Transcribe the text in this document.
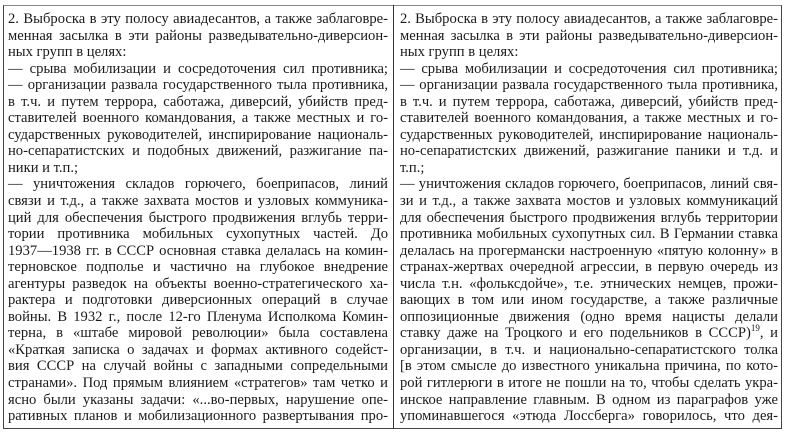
2. Выброска в эту полосу авиадесантов, а также заблаговре-
менная засылка в эти районы разведывательно-диверсион-
ных групп в целях:
— срыва мобилизации и сосредоточения сил противника;
— организации развала государственного тыла противника,
в т.ч. и путем террора, саботажа, диверсий, убийств пред-
ставителей военного командования, а также местных и го-
сударственных руководителей, инспирирование националь-
но-сепаратистских и подобных движений, разжигание па-
ники и т.п.;
— уничтожения складов горючего, боеприпасов, линий
связи и т.д., а также захвата мостов и узловых коммуника-
ций для обеспечения быстрого продвижения вглубь терри-
тории противника мобильных сухопутных частей. До
1937—1938 гг. в СССР основная ставка делалась на комин-
терновское подполье и частично на глубокое внедрение
агентуры разведок на объекты военно-стратегического ха-
рактера и подготовки диверсионных операций в случае
войны. В 1932 г., после 12-го Пленума Исполкома Комин-
терна, в «штабе мировой революции» была составлена
«Краткая записка о задачах и формах активного содейст-
вия СССР на случай войны с западными сопредельными
странами». Под прямым влиянием «стратегов» там четко и
ясно были указаны задачи: «...во-первых, нарушение опе-
ративных планов и мобилизационного развертывания про-
2. Выброска в эту полосу авиадесантов, а также заблаговре-
менная засылка в эти районы разведывательно-диверсион-
ных групп в целях:
— срыва мобилизации и сосредоточения сил противника;
— организации развала государственного тыла противника,
в т.ч. и путем террора, саботажа, диверсий, убийств пред-
ставителей военного командования, а также местных и го-
сударственных руководителей, инспирирование националь-
но-сепаратистских движений, разжигание паники и т.д. и
т.п.;
— уничтожения складов горючего, боеприпасов, линий свя-
зи и т.д., а также захвата мостов и узловых коммуникаций
для обеспечения быстрого продвижения вглубь территории
противника мобильных сухопутных сил. В Германии ставка
делалась на прогермански настроенную «пятую колонну» в
странах-жертвах очередной агрессии, в первую очередь из
числа т.н. «фольксдойче», т.е. этнических немцев, прожи-
вающих в том или ином государстве, а также различные
оппозиционные движения (одно время нацисты делали
ставку даже на Троцкого и его подельников в СССР)$^{19}$, и
организации, в т.ч. и национально-сепаратистского толка
[в этом смысле до известного уникальна причина, по кото-
рой гитлерюги в итоге не пошли на то, чтобы сделать укра-
инское направление главным. В одном из параграфов уже
упоминавшегося «этюда Лоссберга» говорилось, что дея-
